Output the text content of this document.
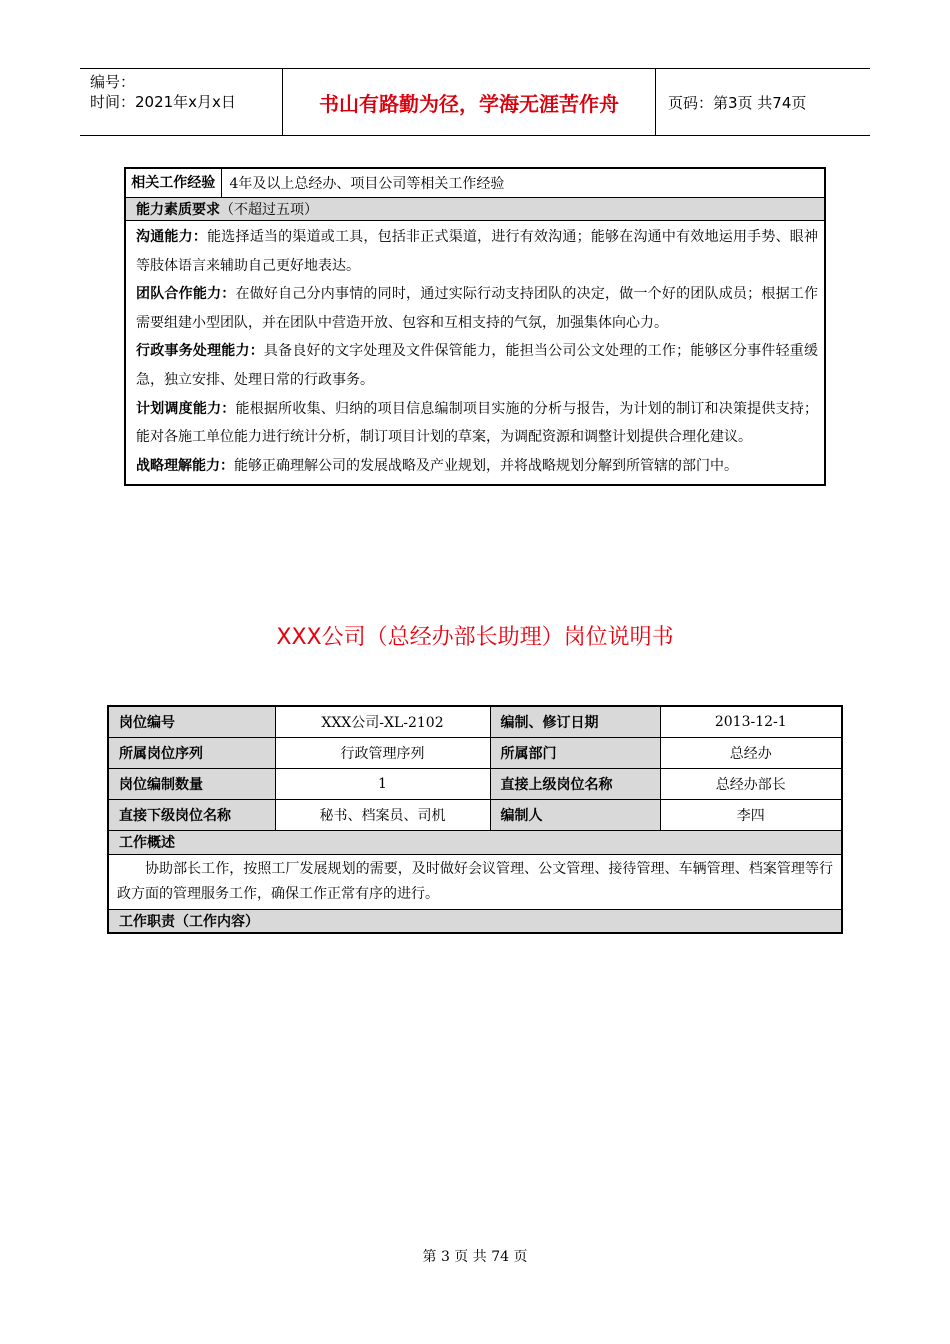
编号：
时间：2021年x月x日	书山有路勤为径，学海无涯苦作舟	页码：第3页 共74页
相关工作经验	4年及以上总经办、项目公司等相关工作经验
能力素质要求（不超过五项）

沟通能力：能选择适当的渠道或工具，包括非正式渠道，进行有效沟通；能够在沟通中有效地运用手势、眼神等肢体语言来辅助自己更好地表达。
团队合作能力：在做好自己分内事情的同时，通过实际行动支持团队的决定，做一个好的团队成员；根据工作需要组建小型团队，并在团队中营造开放、包容和互相支持的气氛，加强集体向心力。
行政事务处理能力：具备良好的文字处理及文件保管能力，能担当公司公文处理的工作；能够区分事件轻重缓急，独立安排、处理日常的行政事务。
计划调度能力：能根据所收集、归纳的项目信息编制项目实施的分析与报告，为计划的制订和决策提供支持；能对各施工单位能力进行统计分析，制订项目计划的草案，为调配资源和调整计划提供合理化建议。
战略理解能力：能够正确理解公司的发展战略及产业规划，并将战略规划分解到所管辖的部门中。
XXX公司（总经办部长助理）岗位说明书
岗位编号	XXX公司-XL-2102	编制、修订日期	2013-12-1
所属岗位序列	行政管理序列	所属部门	总经办
岗位编制数量	1	直接上级岗位名称	总经办部长
直接下级岗位名称	秘书、档案员、司机	编制人	李四
工作概述			
协助部长工作，按照工厂发展规划的需要，及时做好会议管理、公文管理、接待管理、车辆管理、档案管理等行政方面的管理服务工作，确保工作正常有序的进行。			
工作职责（工作内容）			
第 3 页 共 74 页
